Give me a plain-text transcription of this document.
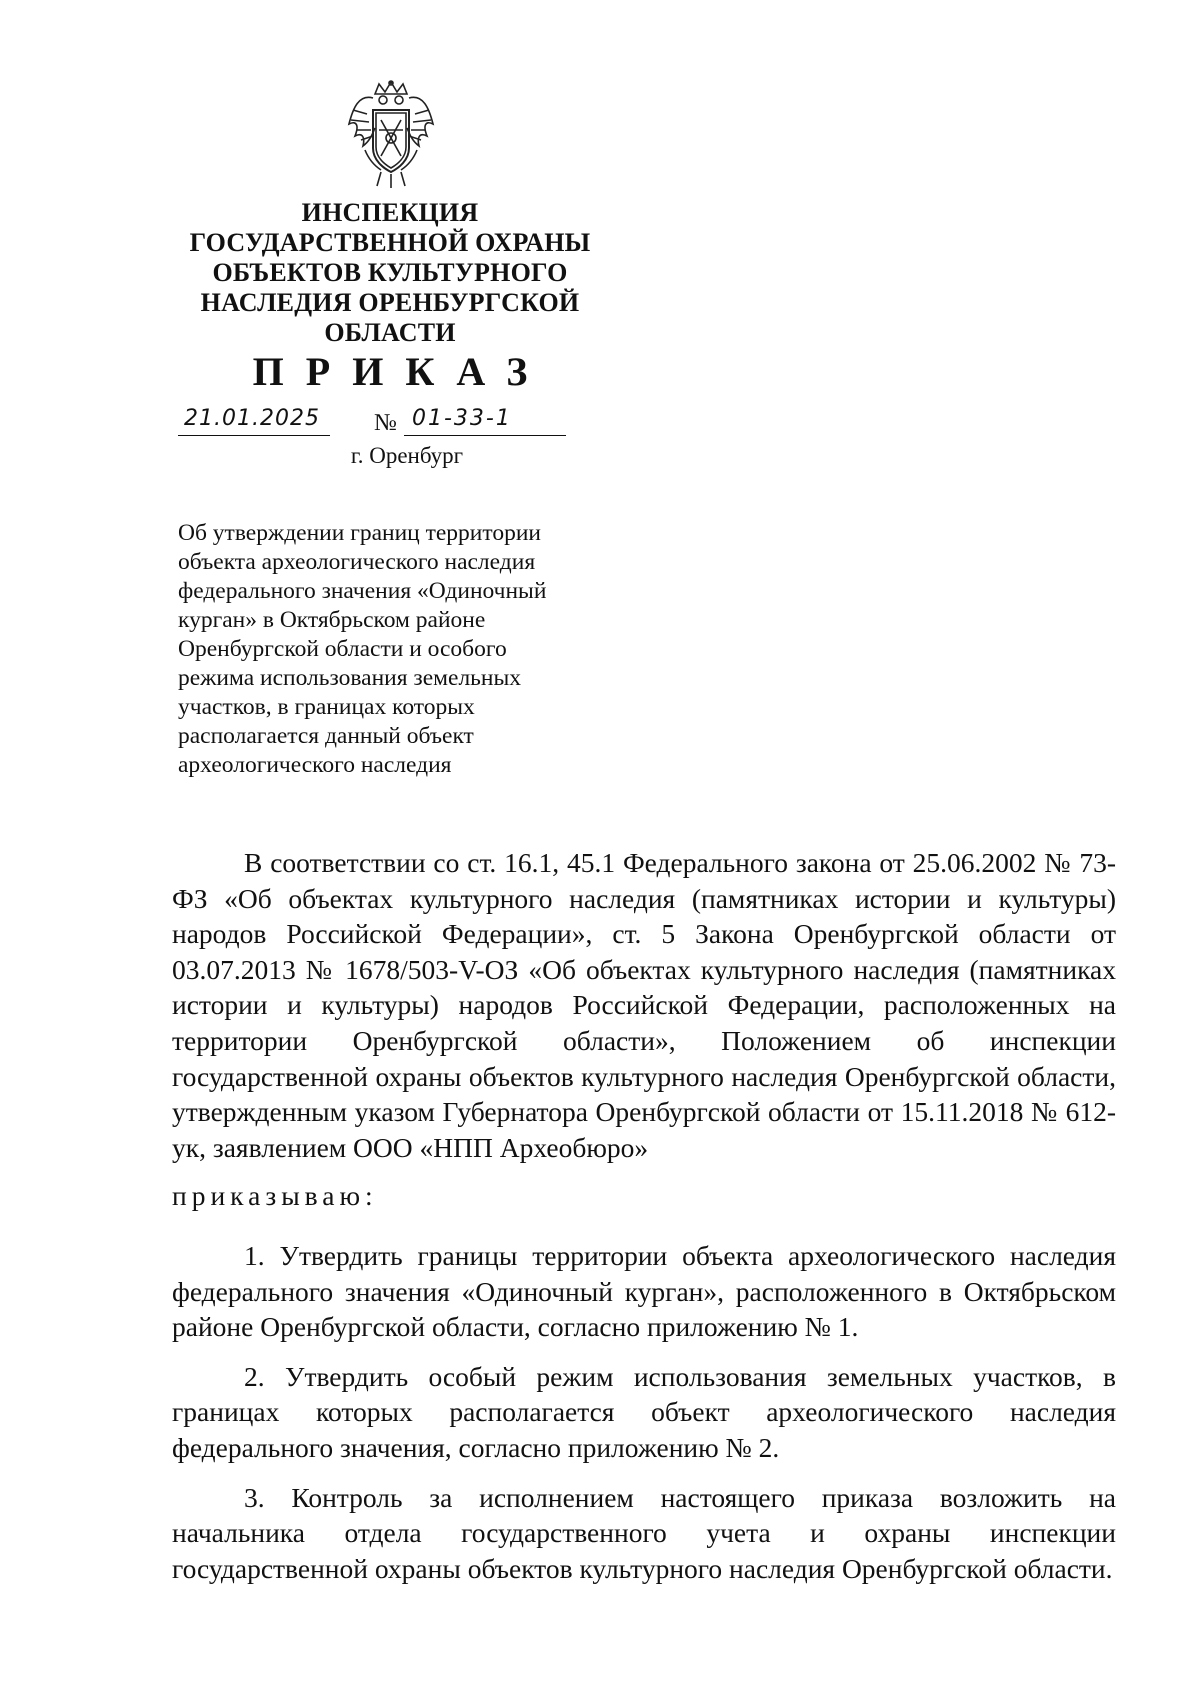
ИНСПЕКЦИЯ
ГОСУДАРСТВЕННОЙ ОХРАНЫ
ОБЪЕКТОВ КУЛЬТУРНОГО
НАСЛЕДИЯ ОРЕНБУРГСКОЙ
ОБЛАСТИ
ПРИКАЗ
21.01.2025	№ 01-33-1
г. Оренбург
Об утверждении границ территории
объекта археологического наследия
федерального значения «Одиночный
курган» в Октябрьском районе
Оренбургской области и особого
режима использования земельных
участков, в границах которых
располагается данный объект
археологического наследия

В соответствии со ст. 16.1, 45.1 Федерального закона от 25.06.2002 № 73-ФЗ «Об объектах культурного наследия (памятниках истории и культуры) народов Российской Федерации», ст. 5 Закона Оренбургской области от 03.07.2013 № 1678/503-V-ОЗ «Об объектах культурного наследия (памятниках истории и культуры) народов Российской Федерации, расположенных на территории Оренбургской области», Положением об инспекции государственной охраны объектов культурного наследия Оренбургской области, утвержденным указом Губернатора Оренбургской области от 15.11.2018 № 612-ук, заявлением ООО «НПП Археобюро»

приказываю:

1. Утвердить границы территории объекта археологического наследия федерального значения «Одиночный курган», расположенного в Октябрьском районе Оренбургской области, согласно приложению № 1.

2. Утвердить особый режим использования земельных участков, в границах которых располагается объект археологического наследия федерального значения, согласно приложению № 2.

3. Контроль за исполнением настоящего приказа возложить на начальника отдела государственного учета и охраны инспекции государственной охраны объектов культурного наследия Оренбургской области.
